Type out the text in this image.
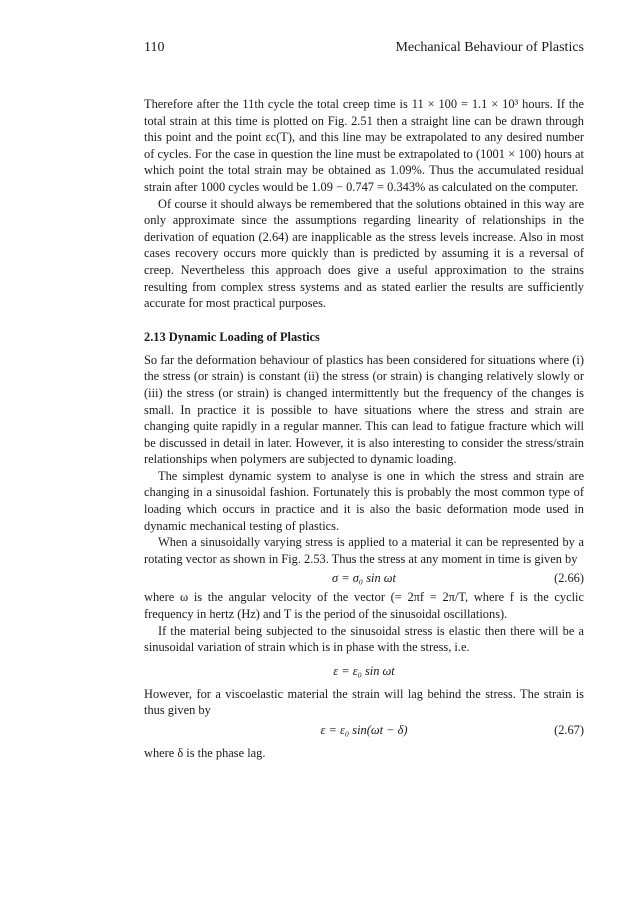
110	Mechanical Behaviour of Plastics

Therefore after the 11th cycle the total creep time is 11 × 100 = 1.1 × 10³ hours. If the total strain at this time is plotted on Fig. 2.51 then a straight line can be drawn through this point and the point εc(T), and this line may be extrapolated to any desired number of cycles. For the case in question the line must be extrapolated to (1001 × 100) hours at which point the total strain may be obtained as 1.09%. Thus the accumulated residual strain after 1000 cycles would be 1.09 − 0.747 = 0.343% as calculated on the computer.

Of course it should always be remembered that the solutions obtained in this way are only approximate since the assumptions regarding linearity of relationships in the derivation of equation (2.64) are inapplicable as the stress levels increase. Also in most cases recovery occurs more quickly than is predicted by assuming it is a reversal of creep. Nevertheless this approach does give a useful approximation to the strains resulting from complex stress systems and as stated earlier the results are sufficiently accurate for most practical purposes.

2.13 Dynamic Loading of Plastics

So far the deformation behaviour of plastics has been considered for situations where (i) the stress (or strain) is constant (ii) the stress (or strain) is changing relatively slowly or (iii) the stress (or strain) is changed intermittently but the frequency of the changes is small. In practice it is possible to have situations where the stress and strain are changing quite rapidly in a regular manner. This can lead to fatigue fracture which will be discussed in detail in later. However, it is also interesting to consider the stress/strain relationships when polymers are subjected to dynamic loading.

The simplest dynamic system to analyse is one in which the stress and strain are changing in a sinusoidal fashion. Fortunately this is probably the most common type of loading which occurs in practice and it is also the basic deformation mode used in dynamic mechanical testing of plastics.

When a sinusoidally varying stress is applied to a material it can be represented by a rotating vector as shown in Fig. 2.53. Thus the stress at any moment in time is given by

σ = σ₀ sin ωt	(2.66)

where ω is the angular velocity of the vector (= 2πf = 2π/T, where f is the cyclic frequency in hertz (Hz) and T is the period of the sinusoidal oscillations).

If the material being subjected to the sinusoidal stress is elastic then there will be a sinusoidal variation of strain which is in phase with the stress, i.e.

ε = ε₀ sin ωt

However, for a viscoelastic material the strain will lag behind the stress. The strain is thus given by

ε = ε₀ sin(ωt − δ)	(2.67)

where δ is the phase lag.
